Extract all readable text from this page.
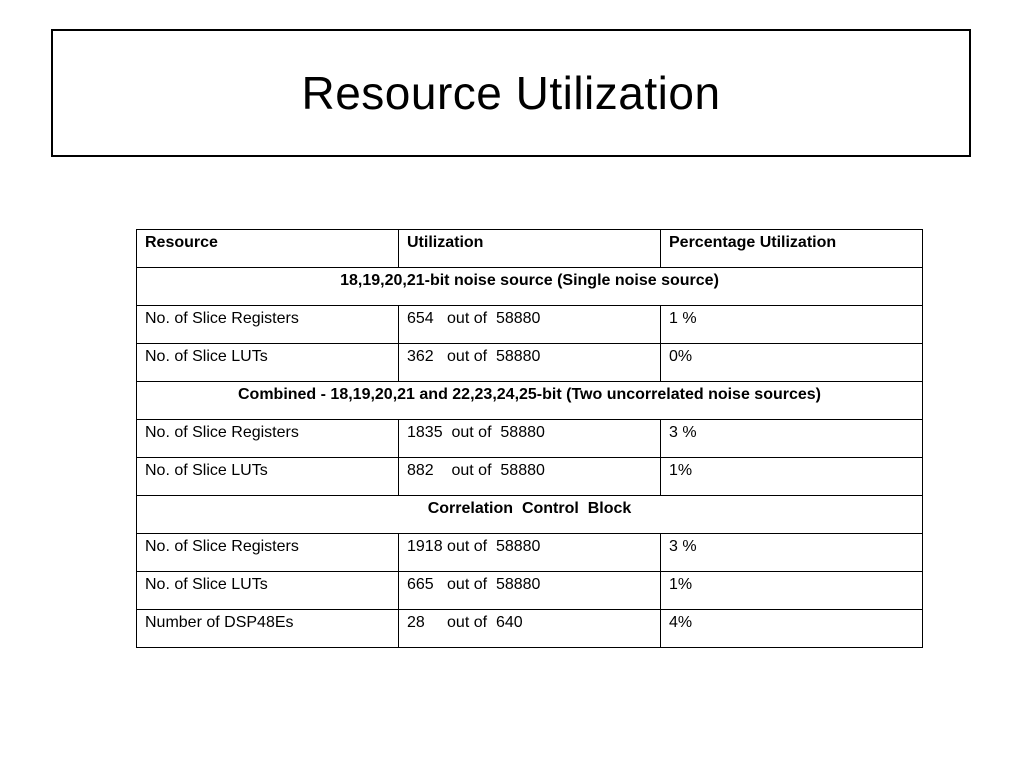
Resource Utilization
Resource	Utilization	Percentage Utilization
18,19,20,21-bit noise source (Single noise source)		
No. of Slice Registers	654   out of  58880	1 %
No. of Slice LUTs	362   out of  58880	0%
Combined - 18,19,20,21 and 22,23,24,25-bit (Two uncorrelated noise sources)		
No. of Slice Registers	1835  out of  58880	3 %
No. of Slice LUTs	882    out of  58880	1%
Correlation  Control  Block		
No. of Slice Registers	1918 out of  58880	3 %
No. of Slice LUTs	665   out of  58880	1%
Number of DSP48Es	28     out of  640	4%
